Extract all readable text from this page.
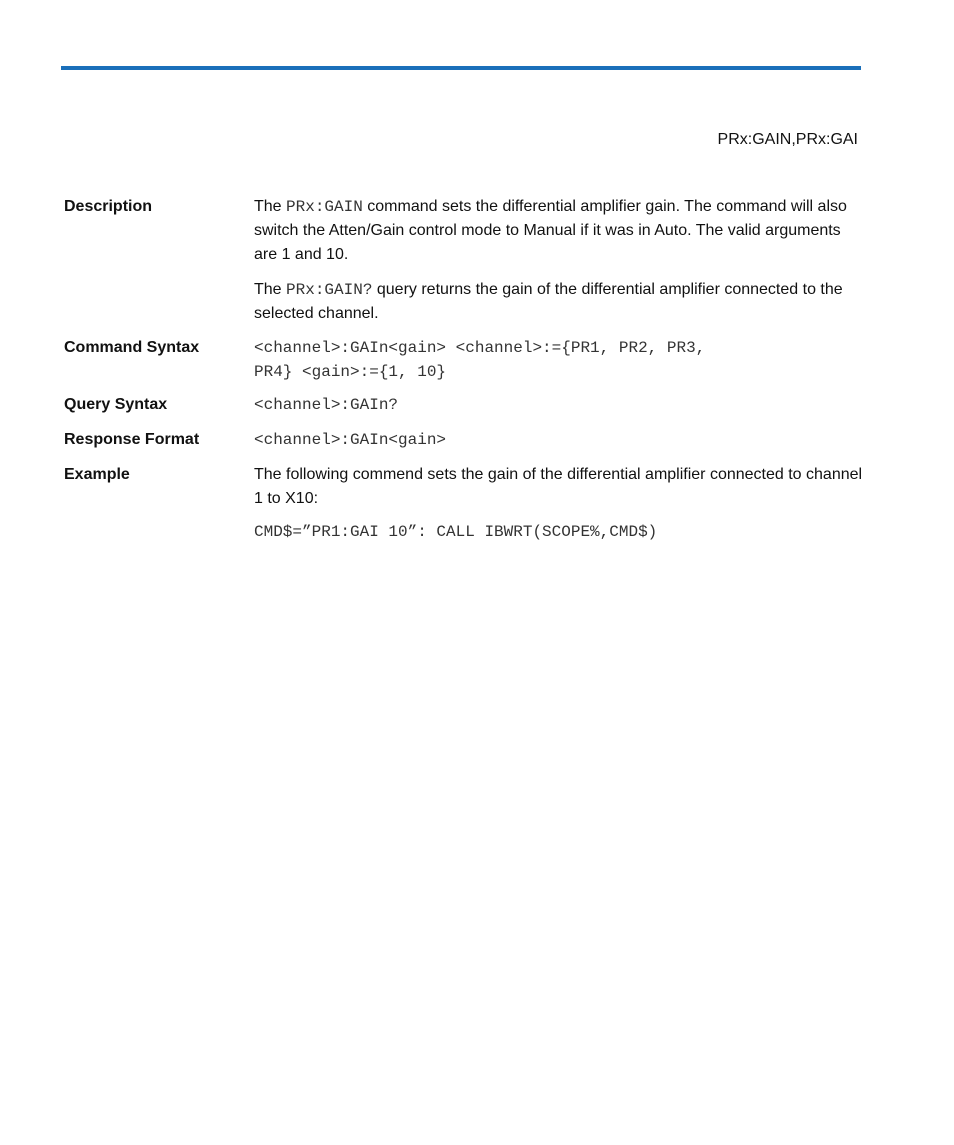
PRx:GAIN,PRx:GAI
Description	The PRx:GAIN command sets the differential amplifier gain. The command will also switch the Atten/Gain control mode to Manual if it was in Auto. The valid arguments are 1 and 10.

The PRx:GAIN? query returns the gain of the differential amplifier connected to the selected channel.

Command Syntax	<channel>:GAIn<gain> <channel>:={PR1, PR2, PR3,
PR4} <gain>:={1, 10}
Query Syntax	<channel>:GAIn?
Response Format	<channel>:GAIn<gain>
Example	The following commend sets the gain of the differential amplifier connected to channel 1 to X10:

CMD$=”PR1:GAI 10”: CALL IBWRT(SCOPE%,CMD$)
